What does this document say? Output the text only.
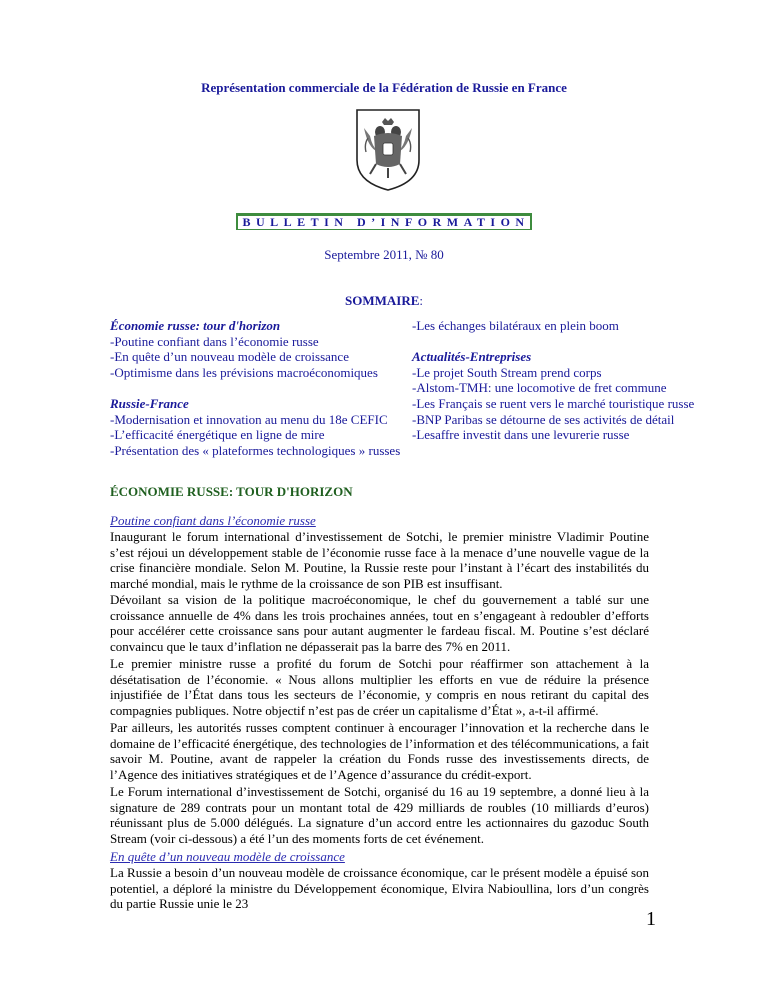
Représentation commerciale de la Fédération de Russie en France
BULLETIN D’INFORMATION
Septembre 2011, № 80
SOMMAIRE:
Économie russe: tour d'horizon
-Poutine confiant dans l’économie russe
-En quête d’un nouveau modèle de croissance
-Optimisme dans les prévisions macroéconomiques
Russie-France
-Modernisation et innovation au menu du 18e CEFIC
-L’efficacité énergétique en ligne de mire
-Présentation des « plateformes technologiques » russes
-Les échanges bilatéraux en plein boom
Actualités-Entreprises
-Le projet South Stream prend corps
-Alstom-TMH: une locomotive de fret commune
-Les Français se ruent vers le marché touristique russe
-BNP Paribas se détourne de ses activités de détail
-Lesaffre investit dans une levurerie russe
ÉCONOMIE RUSSE: TOUR D'HORIZON
Poutine confiant dans l’économie russe
Inaugurant le forum international d’investissement de Sotchi, le premier ministre Vladimir Poutine s’est réjoui un développement stable de l’économie russe face à la menace d’une nouvelle vague de la crise financière mondiale. Selon M. Poutine, la Russie reste pour l’instant à l’écart des instabilités du marché mondial, mais le rythme de la croissance de son PIB est insuffisant.
Dévoilant sa vision de la politique macroéconomique, le chef du gouvernement a tablé sur une croissance annuelle de 4% dans les trois prochaines années, tout en s’engageant à redoubler d’efforts pour accélérer cette croissance sans pour autant augmenter le fardeau fiscal. M. Poutine s’est déclaré convaincu que le taux d’inflation ne dépasserait pas la barre des 7% en 2011.
Le premier ministre russe a profité du forum de Sotchi pour réaffirmer son attachement à la désétatisation de l’économie. « Nous allons multiplier les efforts en vue de réduire la présence injustifiée de l’État dans tous les secteurs de l’économie, y compris en nous retirant du capital des compagnies publiques. Notre objectif n’est pas de créer un capitalisme d’État », a-t-il affirmé.
Par ailleurs, les autorités russes comptent continuer à encourager l’innovation et la recherche dans le domaine de l’efficacité énergétique, des technologies de l’information et des télécommunications, a fait savoir M. Poutine, avant de rappeler la création du Fonds russe des investissements directs, de l’Agence des initiatives stratégiques et de l’Agence d’assurance du crédit-export.
Le Forum international d’investissement de Sotchi, organisé du 16 au 19 septembre, a donné lieu à la signature de 289 contrats pour un montant total de 429 milliards de roubles (10 milliards d’euros) réunissant plus de 5.000 délégués. La signature d’un accord entre les actionnaires du gazoduc South Stream (voir ci-dessous) a été l’un des moments forts de cet événement.
En quête d’un nouveau modèle de croissance
La Russie a besoin d’un nouveau modèle de croissance économique, car le présent modèle a épuisé son potentiel, a déploré la ministre du Développement économique, Elvira Nabioullina, lors d’un congrès du partie Russie unie le 23
1
